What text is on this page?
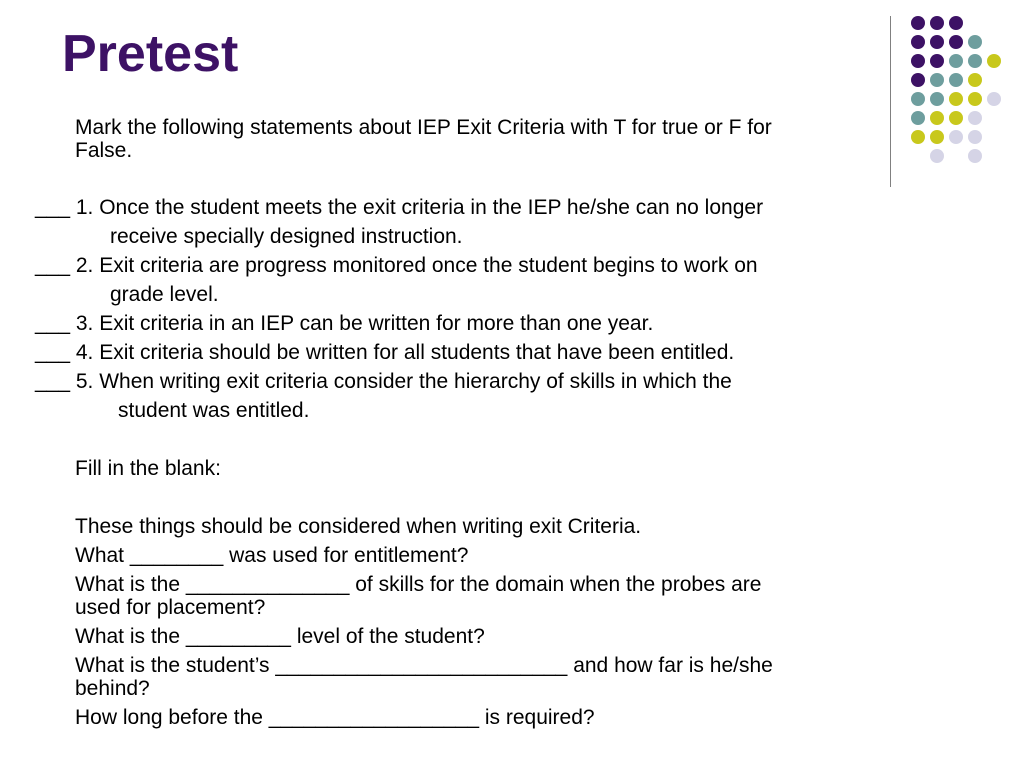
Pretest
Mark the following statements about IEP Exit Criteria with T for true or F for
False.
___ 1. Once the student meets the exit criteria in the IEP he/she can no longer
receive specially designed instruction.
___ 2. Exit criteria are progress monitored once the student begins to work on
grade level.
___ 3. Exit criteria in an IEP can be written for more than one year.
___ 4. Exit criteria should be written for all students that have been entitled.
___ 5. When writing exit criteria consider the hierarchy of skills in which the
student was entitled.
Fill in the blank:
These things should be considered when writing exit Criteria.
What ________ was used for entitlement?
What is the ______________ of skills for the domain when the probes are
used for placement?
What is the _________ level of the student?
What is the student’s _________________________ and how far is he/she
behind?
How long before the __________________ is required?
